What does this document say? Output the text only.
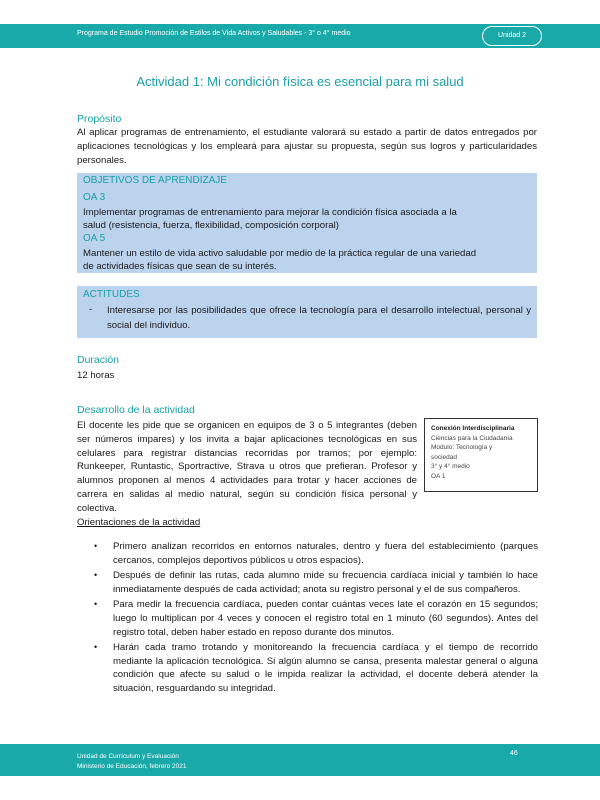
Programa de Estudio Promoción de Estilos de Vida Activos y Saludables - 3° o 4° medio	Unidad 2
Actividad 1: Mi condición física es esencial para mi salud
Propósito
Al aplicar programas de entrenamiento, el estudiante valorará su estado a partir de datos entregados por aplicaciones tecnológicas y los empleará para ajustar su propuesta, según sus logros y particularidades personales.
OBJETIVOS DE APRENDIZAJE
OA 3
Implementar programas de entrenamiento para mejorar la condición física asociada a la
salud (resistencia, fuerza, flexibilidad, composición corporal)
OA 5
Mantener un estilo de vida activo saludable por medio de la práctica regular de una variedad
de actividades físicas que sean de su interés.
ACTITUDES
- Interesarse por las posibilidades que ofrece la tecnología para el desarrollo intelectual, personal y social del individuo.
Duración
12 horas
Desarrollo de la actividad
El docente les pide que se organicen en equipos de 3 o 5 integrantes (deben ser números impares) y los invita a bajar aplicaciones tecnológicas en sus celulares para registrar distancias recorridas por tramos; por ejemplo: Runkeeper, Runtastic, Sportractive, Strava u otros que prefieran. Profesor y alumnos proponen al menos 4 actividades para trotar y hacer acciones de carrera en salidas al medio natural, según su condición física personal y colectiva.
Conexión Interdisciplinaria
Ciencias para la Ciudadanía
Modulo: Tecnología y
sociedad
3° y 4° medio
OA 1
Orientaciones de la actividad
• Primero analizan recorridos en entornos naturales, dentro y fuera del establecimiento (parques cercanos, complejos deportivos públicos u otros espacios).
• Después de definir las rutas, cada alumno mide su frecuencia cardíaca inicial y también lo hace inmediatamente después de cada actividad; anota su registro personal y el de sus compañeros.
• Para medir la frecuencia cardíaca, pueden contar cuántas veces late el corazón en 15 segundos; luego lo multiplican por 4 veces y conocen el registro total en 1 minuto (60 segundos). Antes del registro total, deben haber estado en reposo durante dos minutos.
• Harán cada tramo trotando y monitoreando la frecuencia cardíaca y el tiempo de recorrido mediante la aplicación tecnológica. Si algún alumno se cansa, presenta malestar general o alguna condición que afecte su salud o le impida realizar la actividad, el docente deberá atender la situación, resguardando su integridad.
Unidad de Currículum y Evaluación
Ministerio de Educación, febrero 2021
46
